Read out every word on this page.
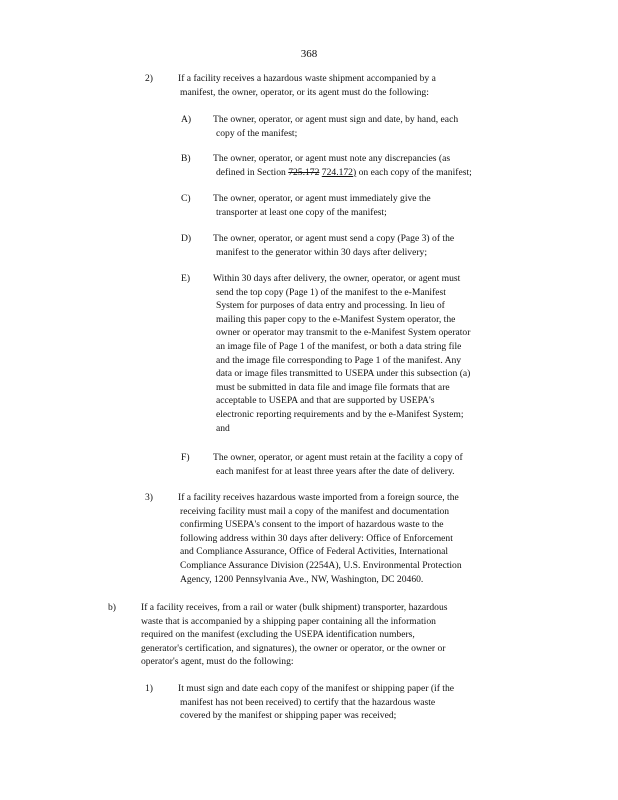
368
2)	If a facility receives a hazardous waste shipment accompanied by a
manifest, the owner, operator, or its agent must do the following:
A) The owner, operator, or agent must sign and date, by hand, each
copy of the manifest;
B) The owner, operator, or agent must note any discrepancies (as
defined in Section 725.172 724.172) on each copy of the manifest;
C) The owner, operator, or agent must immediately give the
transporter at least one copy of the manifest;
D) The owner, operator, or agent must send a copy (Page 3) of the
manifest to the generator within 30 days after delivery;
E) Within 30 days after delivery, the owner, operator, or agent must
send the top copy (Page 1) of the manifest to the e-Manifest
System for purposes of data entry and processing. In lieu of
mailing this paper copy to the e-Manifest System operator, the
owner or operator may transmit to the e-Manifest System operator
an image file of Page 1 of the manifest, or both a data string file
and the image file corresponding to Page 1 of the manifest. Any
data or image files transmitted to USEPA under this subsection (a)
must be submitted in data file and image file formats that are
acceptable to USEPA and that are supported by USEPA's
electronic reporting requirements and by the e-Manifest System;
and
F) The owner, operator, or agent must retain at the facility a copy of
each manifest for at least three years after the date of delivery.
3)	If a facility receives hazardous waste imported from a foreign source, the
receiving facility must mail a copy of the manifest and documentation
confirming USEPA's consent to the import of hazardous waste to the
following address within 30 days after delivery: Office of Enforcement
and Compliance Assurance, Office of Federal Activities, International
Compliance Assurance Division (2254A), U.S. Environmental Protection
Agency, 1200 Pennsylvania Ave., NW, Washington, DC 20460.
b)	If a facility receives, from a rail or water (bulk shipment) transporter, hazardous
waste that is accompanied by a shipping paper containing all the information
required on the manifest (excluding the USEPA identification numbers,
generator's certification, and signatures), the owner or operator, or the owner or
operator's agent, must do the following:
1)	It must sign and date each copy of the manifest or shipping paper (if the
manifest has not been received) to certify that the hazardous waste
covered by the manifest or shipping paper was received;
